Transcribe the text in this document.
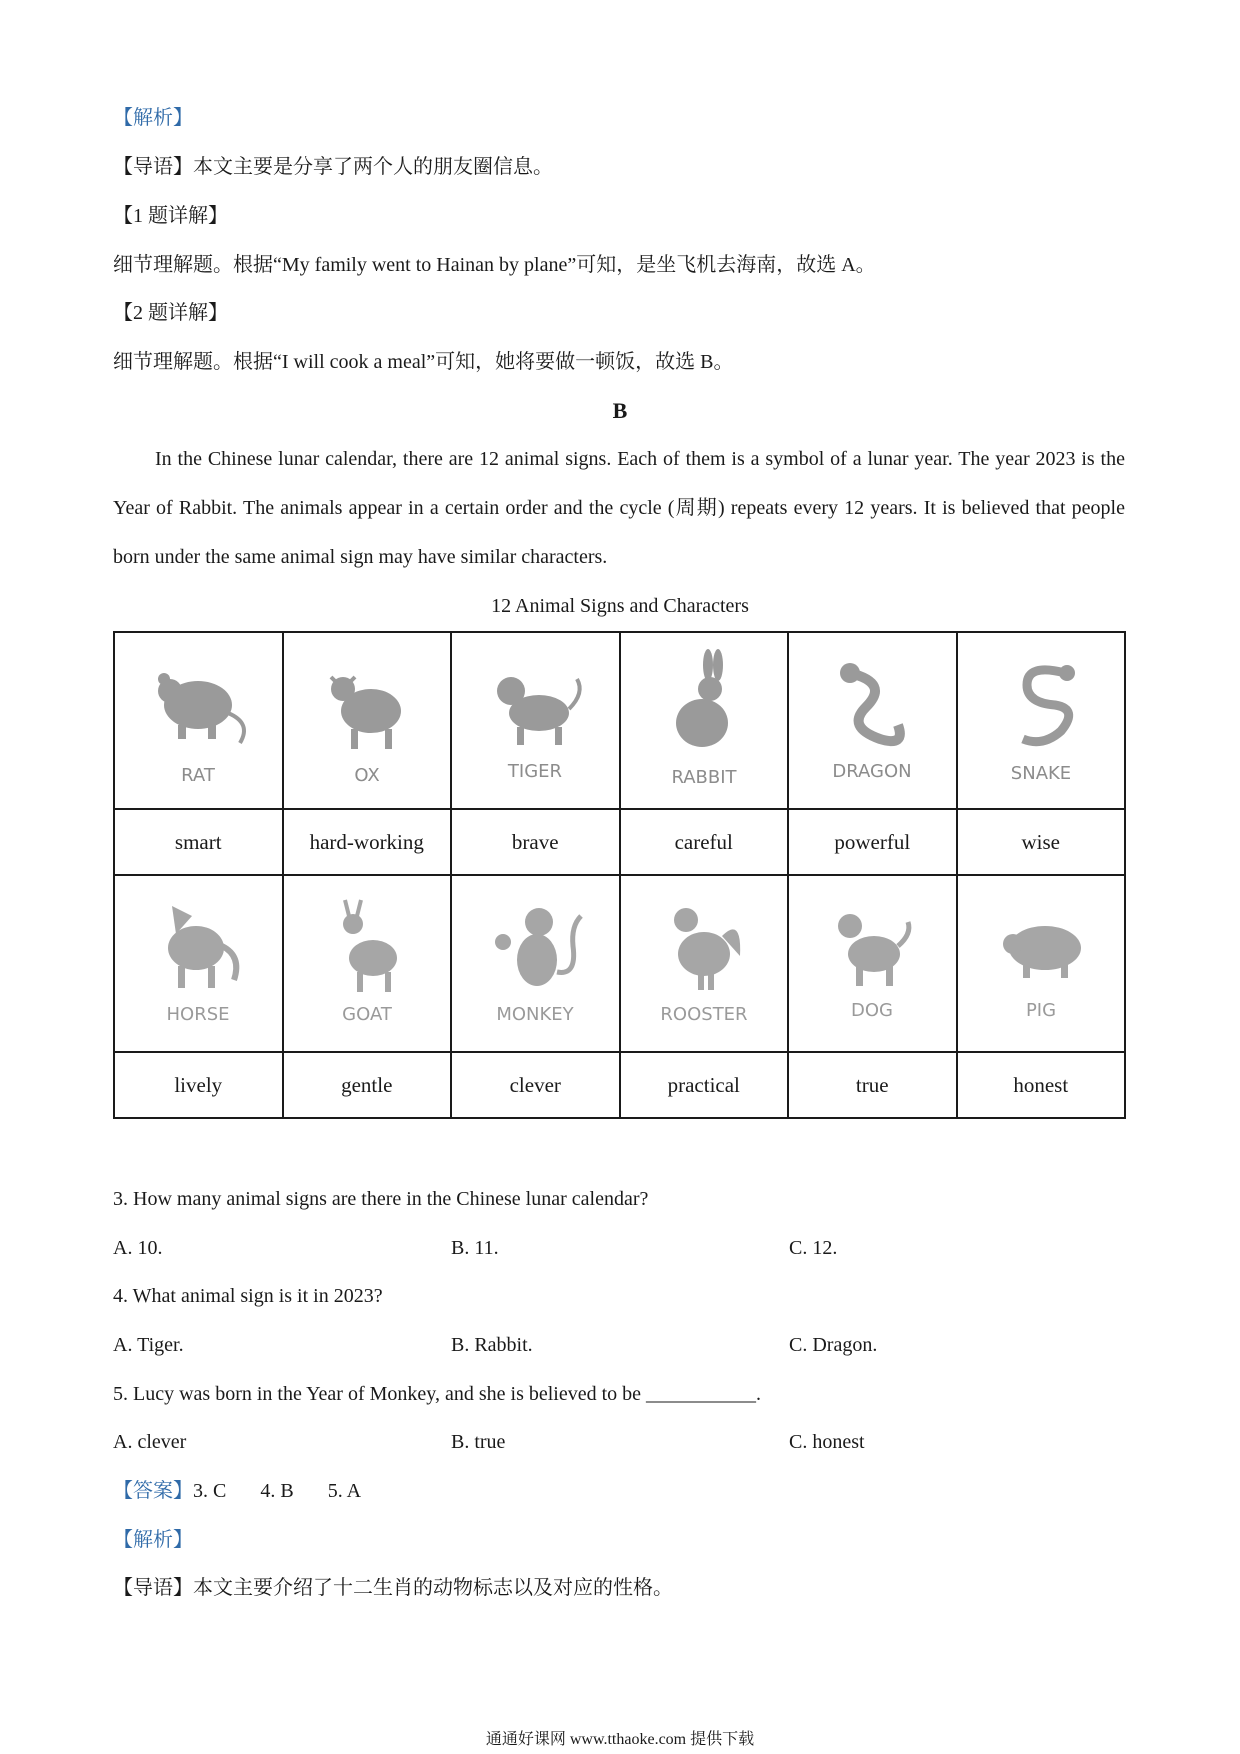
【解析】
【导语】本文主要是分享了两个人的朋友圈信息。
【1 题详解】
细节理解题。根据“My family went to Hainan by plane”可知，是坐飞机去海南，故选 A。
【2 题详解】
细节理解题。根据“I will cook a meal”可知，她将要做一顿饭，故选 B。
B
In the Chinese lunar calendar, there are 12 animal signs. Each of them is a symbol of a lunar year. The year 2023 is the Year of Rabbit. The animals appear in a certain order and the cycle (周期) repeats every 12 years. It is believed that people born under the same animal sign may have similar characters.
12 Animal Signs and Characters
RAT	OX	TIGER	RABBIT	DRAGON	SNAKE

smart	hard-working	brave	careful	powerful	wise

HORSE	GOAT	MONKEY	ROOSTER	DOG	PIG

lively	gentle	clever	practical	true	honest
3. How many animal signs are there in the Chinese lunar calendar?
A. 10.	B. 11.	C. 12.
4. What animal sign is it in 2023?
A. Tiger.	B. Rabbit.	C. Dragon.
5. Lucy was born in the Year of Monkey, and she is believed to be ___________.
A. clever	B. true	C. honest
【答案】3. C 4. B 5. A
【解析】
【导语】本文主要介绍了十二生肖的动物标志以及对应的性格。
通通好课网 www.tthaoke.com 提供下载
